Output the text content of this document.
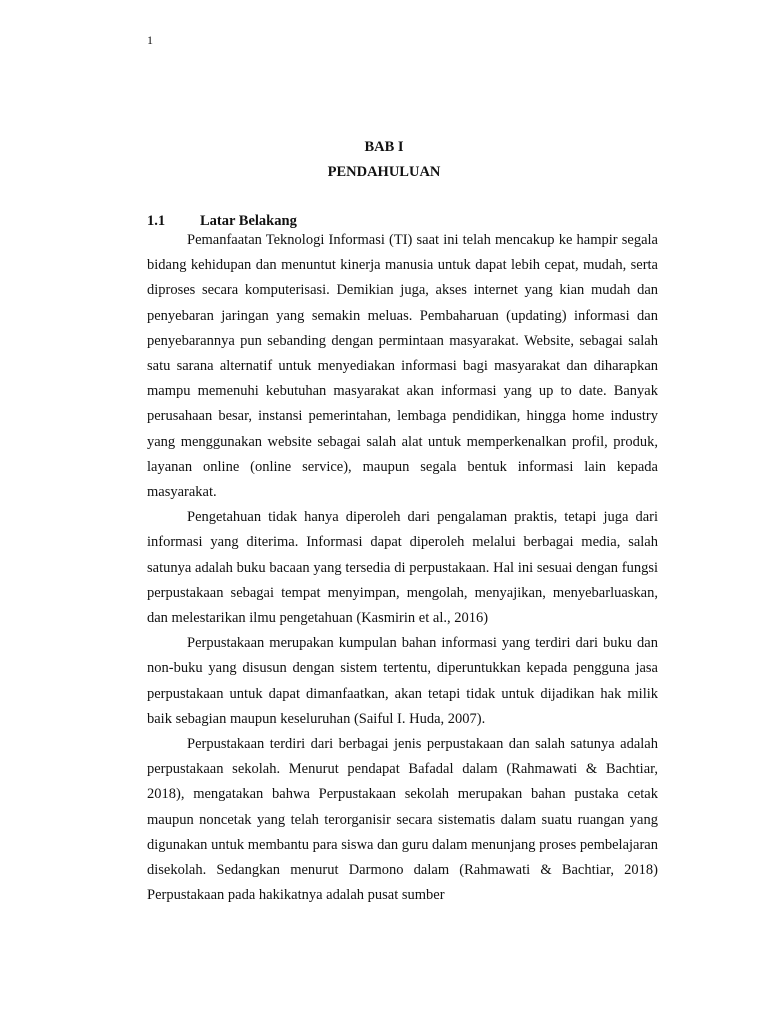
1
BAB I
PENDAHULUAN
1.1 Latar Belakang

Pemanfaatan Teknologi Informasi (TI) saat ini telah mencakup ke hampir segala bidang kehidupan dan menuntut kinerja manusia untuk dapat lebih cepat, mudah, serta diproses secara komputerisasi. Demikian juga, akses internet yang kian mudah dan penyebaran jaringan yang semakin meluas. Pembaharuan (updating) informasi dan penyebarannya pun sebanding dengan permintaan masyarakat. Website, sebagai salah satu sarana alternatif untuk menyediakan informasi bagi masyarakat dan diharapkan mampu memenuhi kebutuhan masyarakat akan informasi yang up to date. Banyak perusahaan besar, instansi pemerintahan, lembaga pendidikan, hingga home industry yang menggunakan website sebagai salah alat untuk memperkenalkan profil, produk, layanan online (online service), maupun segala bentuk informasi lain kepada masyarakat.

Pengetahuan tidak hanya diperoleh dari pengalaman praktis, tetapi juga dari informasi yang diterima. Informasi dapat diperoleh melalui berbagai media, salah satunya adalah buku bacaan yang tersedia di perpustakaan. Hal ini sesuai dengan fungsi perpustakaan sebagai tempat menyimpan, mengolah, menyajikan, menyebarluaskan, dan melestarikan ilmu pengetahuan (Kasmirin et al., 2016)

Perpustakaan merupakan kumpulan bahan informasi yang terdiri dari buku dan non-buku yang disusun dengan sistem tertentu, diperuntukkan kepada pengguna jasa perpustakaan untuk dapat dimanfaatkan, akan tetapi tidak untuk dijadikan hak milik baik sebagian maupun keseluruhan (Saiful I. Huda, 2007).

Perpustakaan terdiri dari berbagai jenis perpustakaan dan salah satunya adalah perpustakaan sekolah. Menurut pendapat Bafadal dalam (Rahmawati & Bachtiar, 2018), mengatakan bahwa Perpustakaan sekolah merupakan bahan pustaka cetak maupun noncetak yang telah terorganisir secara sistematis dalam suatu ruangan yang digunakan untuk membantu para siswa dan guru dalam menunjang proses pembelajaran disekolah. Sedangkan menurut Darmono dalam (Rahmawati & Bachtiar, 2018) Perpustakaan pada hakikatnya adalah pusat sumber
